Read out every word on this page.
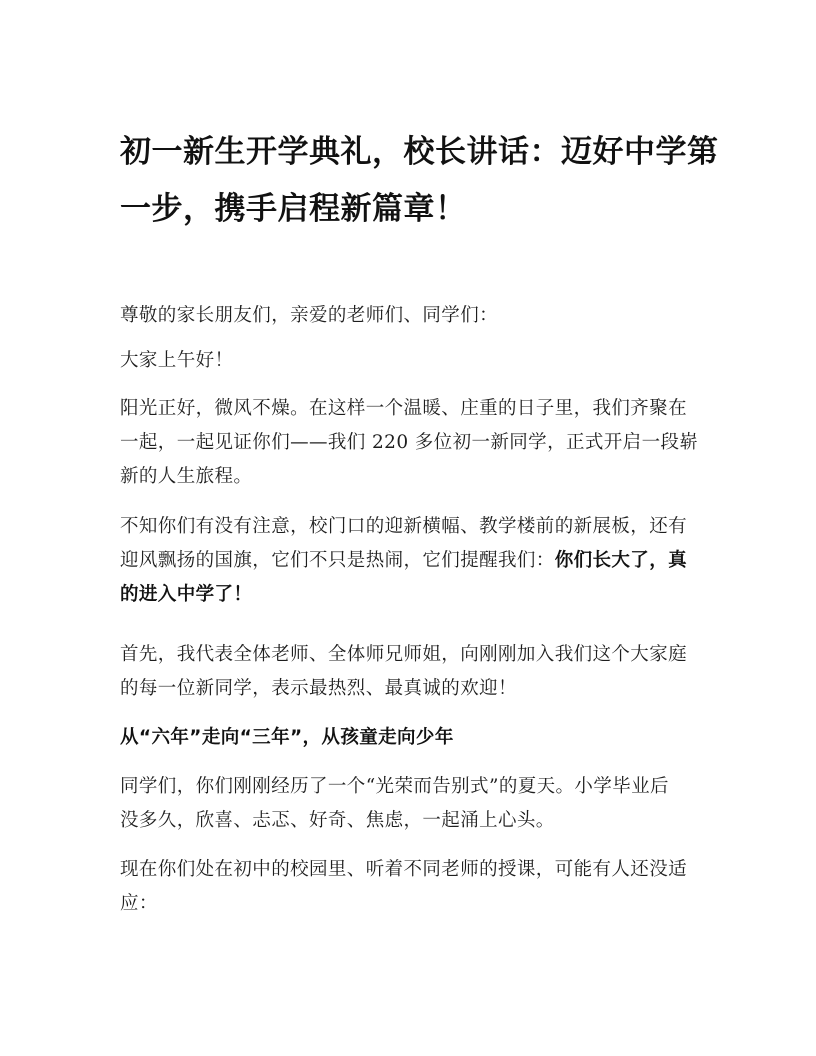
初一新生开学典礼，校长讲话：迈好中学第
一步，携手启程新篇章！
尊敬的家长朋友们，亲爱的老师们、同学们：
大家上午好！
阳光正好，微风不燥。在这样一个温暖、庄重的日子里，我们齐聚在
一起，一起见证你们——我们 220 多位初一新同学，正式开启一段崭
新的人生旅程。
不知你们有没有注意，校门口的迎新横幅、教学楼前的新展板，还有
迎风飘扬的国旗，它们不只是热闹，它们提醒我们：你们长大了，真
的进入中学了！
首先，我代表全体老师、全体师兄师姐，向刚刚加入我们这个大家庭
的每一位新同学，表示最热烈、最真诚的欢迎！
从“六年”走向“三年”，从孩童走向少年
同学们，你们刚刚经历了一个“光荣而告别式”的夏天。小学毕业后
没多久，欣喜、忐忑、好奇、焦虑，一起涌上心头。
现在你们处在初中的校园里、听着不同老师的授课，可能有人还没适
应：
